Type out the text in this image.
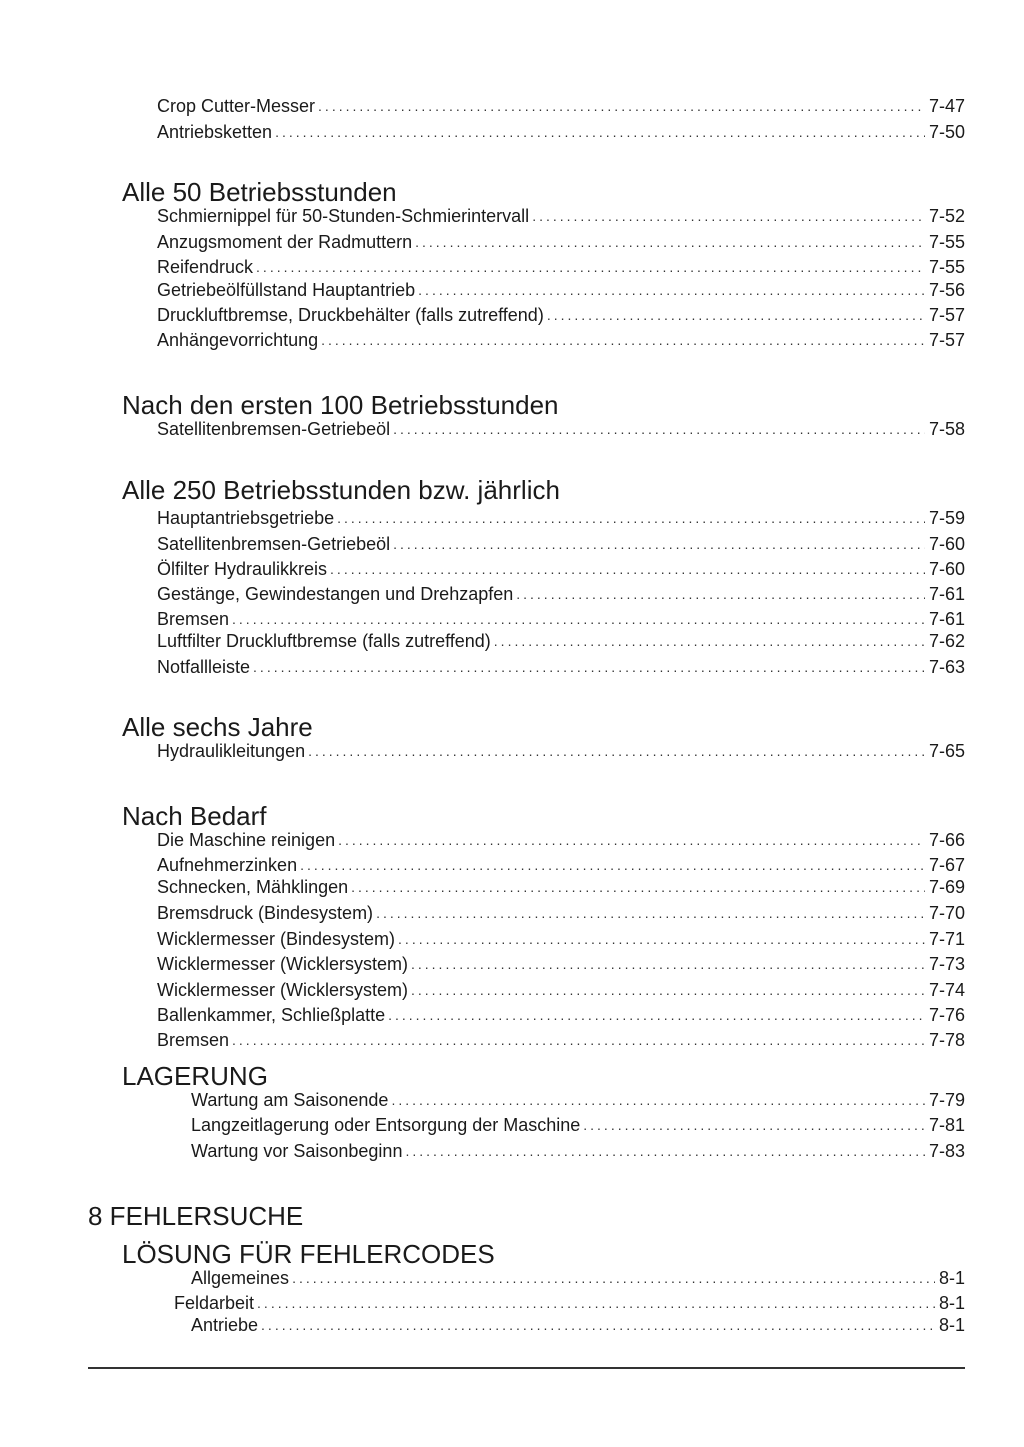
Crop Cutter-Messer .....	7-47
Antriebsketten .....	7-50
Alle 50 Betriebsstunden
Schmiernippel für 50-Stunden-Schmierintervall .....	7-52
Anzugsmoment der Radmuttern .....	7-55
Reifendruck .....	7-55
Getriebeölfüllstand Hauptantrieb .....	7-56
Druckluftbremse, Druckbehälter (falls zutreffend) .....	7-57
Anhängevorrichtung .....	7-57
Nach den ersten 100 Betriebsstunden
Satellitenbremsen-Getriebeöl .....	7-58
Alle 250 Betriebsstunden bzw. jährlich
Hauptantriebsgetriebe .....	7-59
Satellitenbremsen-Getriebeöl .....	7-60
Ölfilter Hydraulikkreis .....	7-60
Gestänge, Gewindestangen und Drehzapfen .....	7-61
Bremsen .....	7-61
Luftfilter Druckluftbremse (falls zutreffend) .....	7-62
Notfallleiste .....	7-63
Alle sechs Jahre
Hydraulikleitungen .....	7-65
Nach Bedarf
Die Maschine reinigen .....	7-66
Aufnehmerzinken .....	7-67
Schnecken, Mähklingen .....	7-69
Bremsdruck (Bindesystem) .....	7-70
Wicklermesser (Bindesystem) .....	7-71
Wicklermesser (Wicklersystem) .....	7-73
Wicklermesser (Wicklersystem) .....	7-74
Ballenkammer, Schließplatte .....	7-76
Bremsen .....	7-78
LAGERUNG
Wartung am Saisonende .....	7-79
Langzeitlagerung oder Entsorgung der Maschine .....	7-81
Wartung vor Saisonbeginn .....	7-83
8 FEHLERSUCHE
LÖSUNG FÜR FEHLERCODES
Allgemeines .....	8-1
Feldarbeit .....	8-1
Antriebe .....	8-1
